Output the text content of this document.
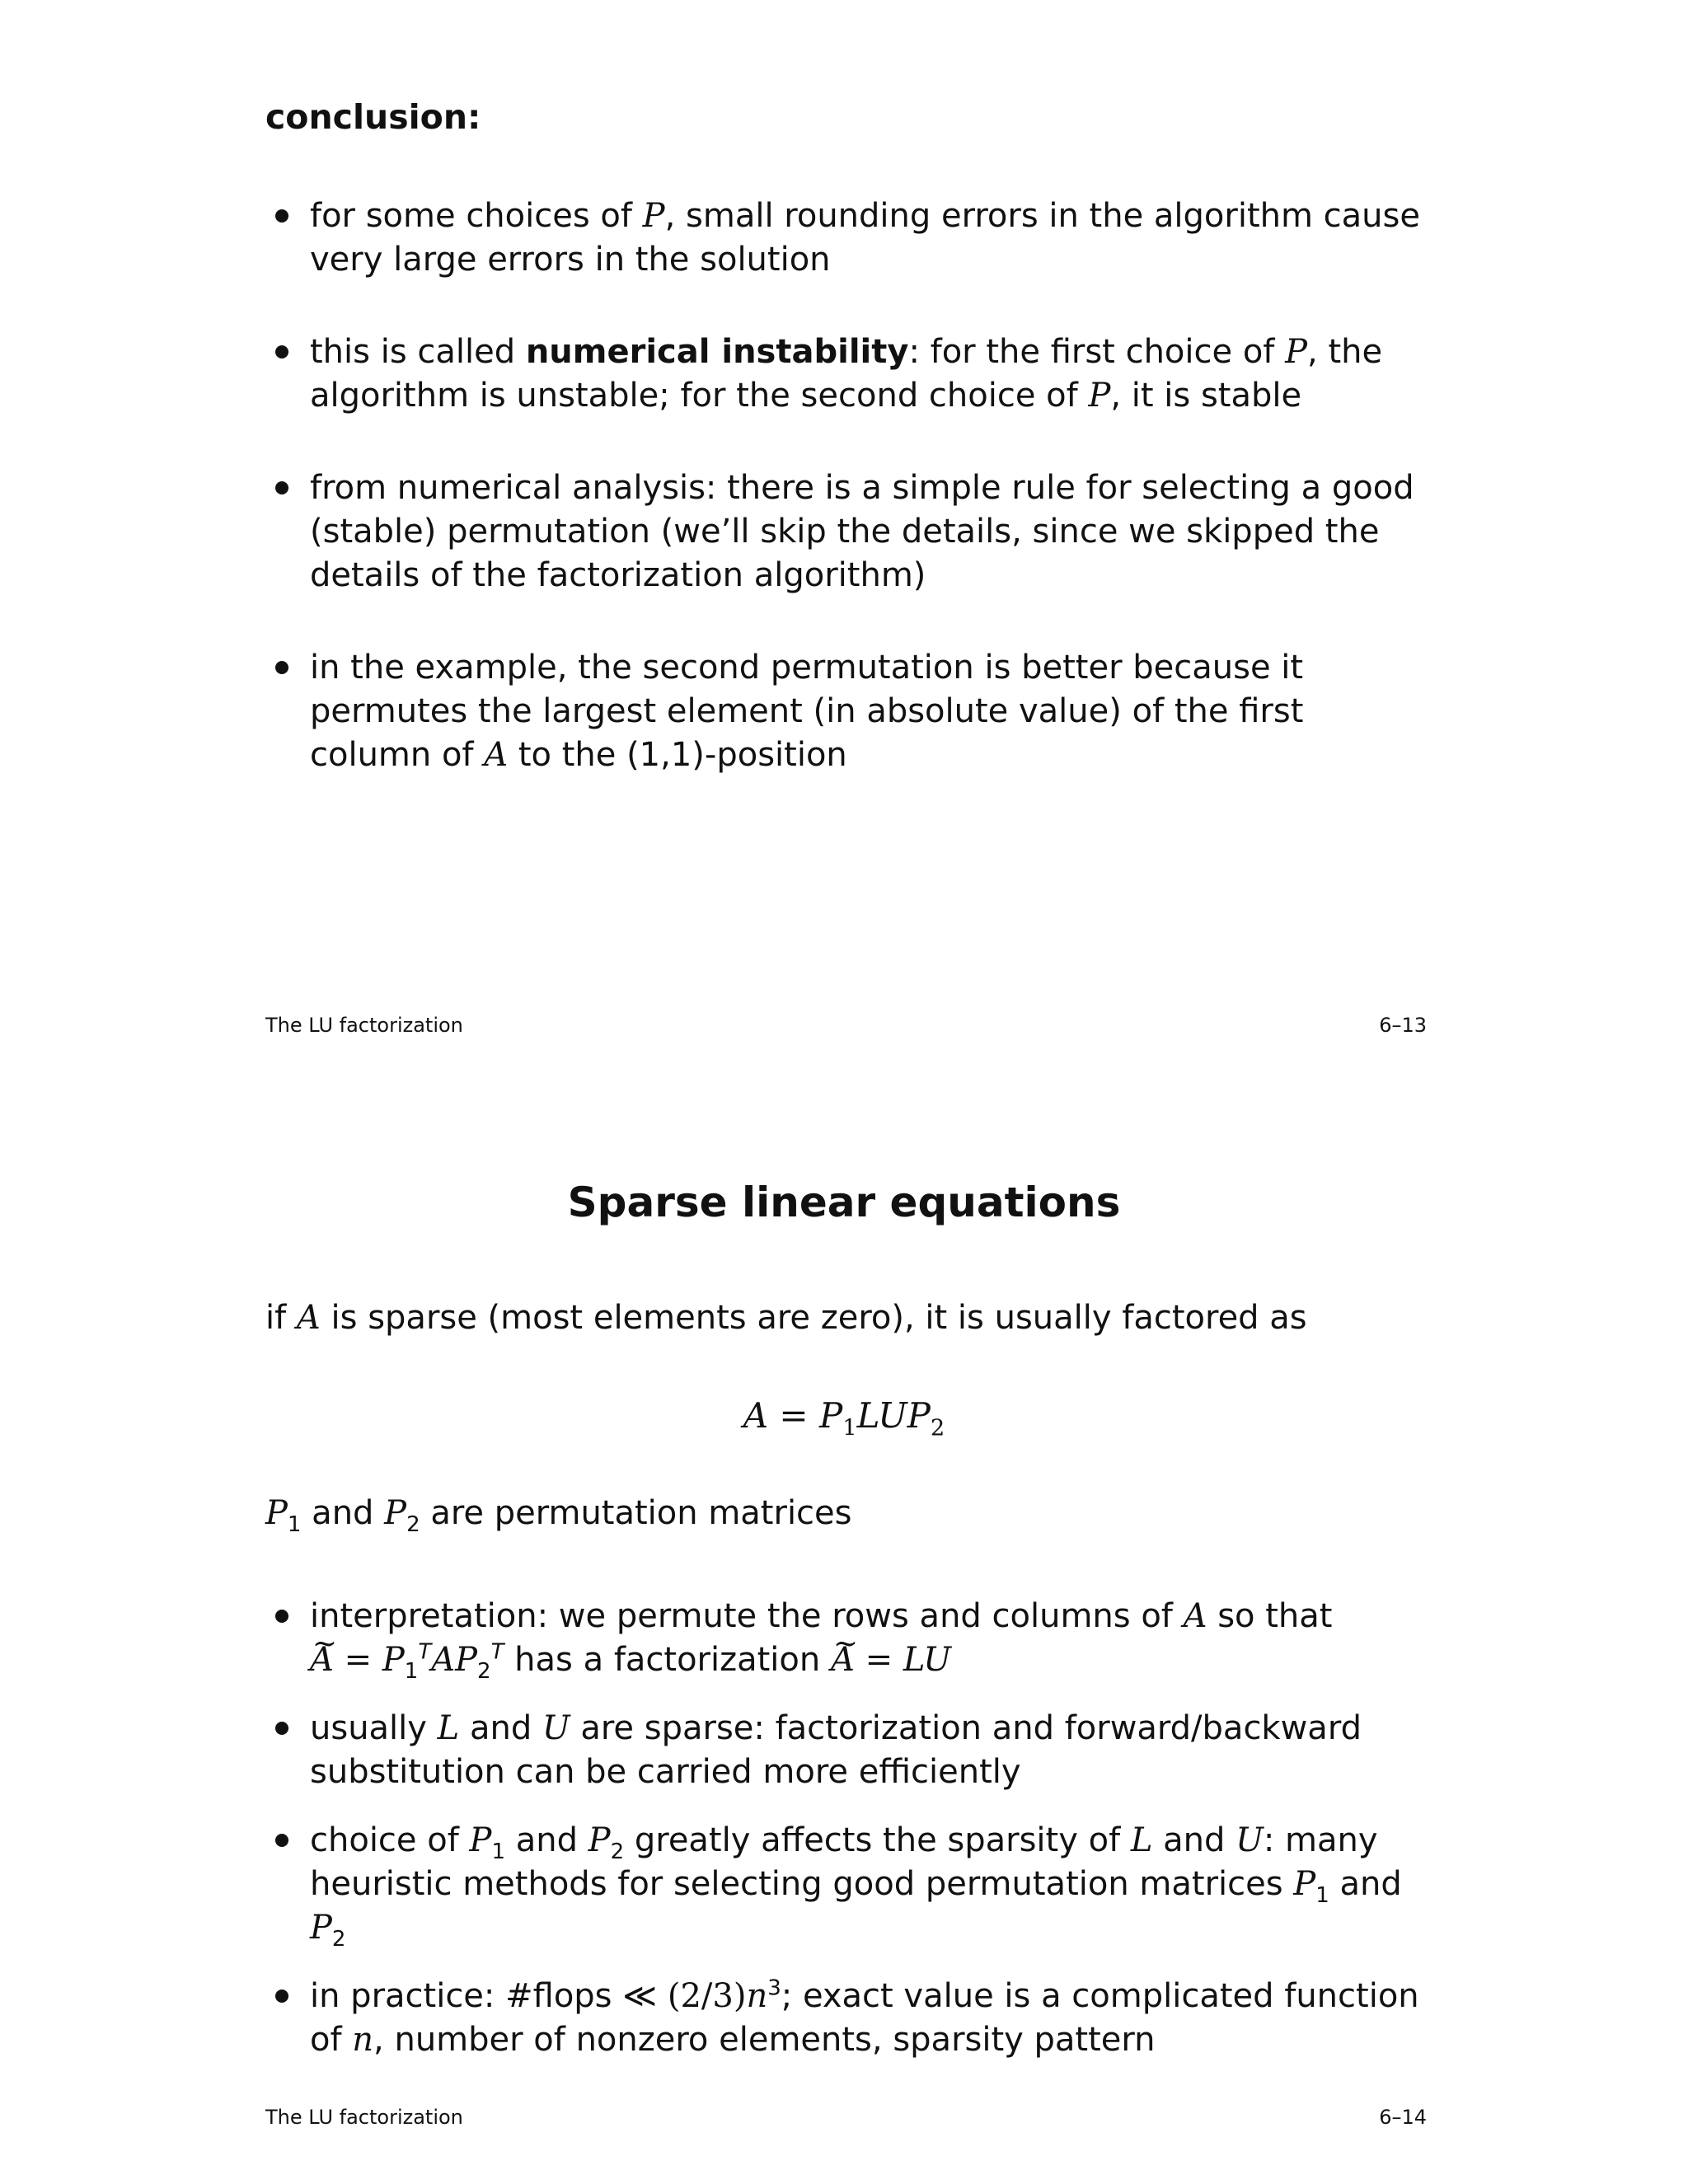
conclusion:
for some choices of P, small rounding errors in the algorithm cause very large errors in the solution
this is called numerical instability: for the first choice of P, the algorithm is unstable; for the second choice of P, it is stable
from numerical analysis: there is a simple rule for selecting a good (stable) permutation (we’ll skip the details, since we skipped the details of the factorization algorithm)
in the example, the second permutation is better because it permutes the largest element (in absolute value) of the first column of A to the (1,1)-position
The LU factorization	6–13
Sparse linear equations
if A is sparse (most elements are zero), it is usually factored as
$A = P_1LUP_2$
$P_1$ and $P_2$ are permutation matrices
interpretation: we permute the rows and columns of A so that
~ $A = P_1^TAP_2^T$ has a factorization ~ A = LU
usually L and U are sparse: factorization and forward/backward substitution can be carried more efficiently
choice of $P_1$ and $P_2$ greatly affects the sparsity of L and U: many heuristic methods for selecting good permutation matrices $P_1$ and $P_2$
in practice: #flops ≪ $(2/3)n^3$; exact value is a complicated function of n, number of nonzero elements, sparsity pattern
The LU factorization	6–14
